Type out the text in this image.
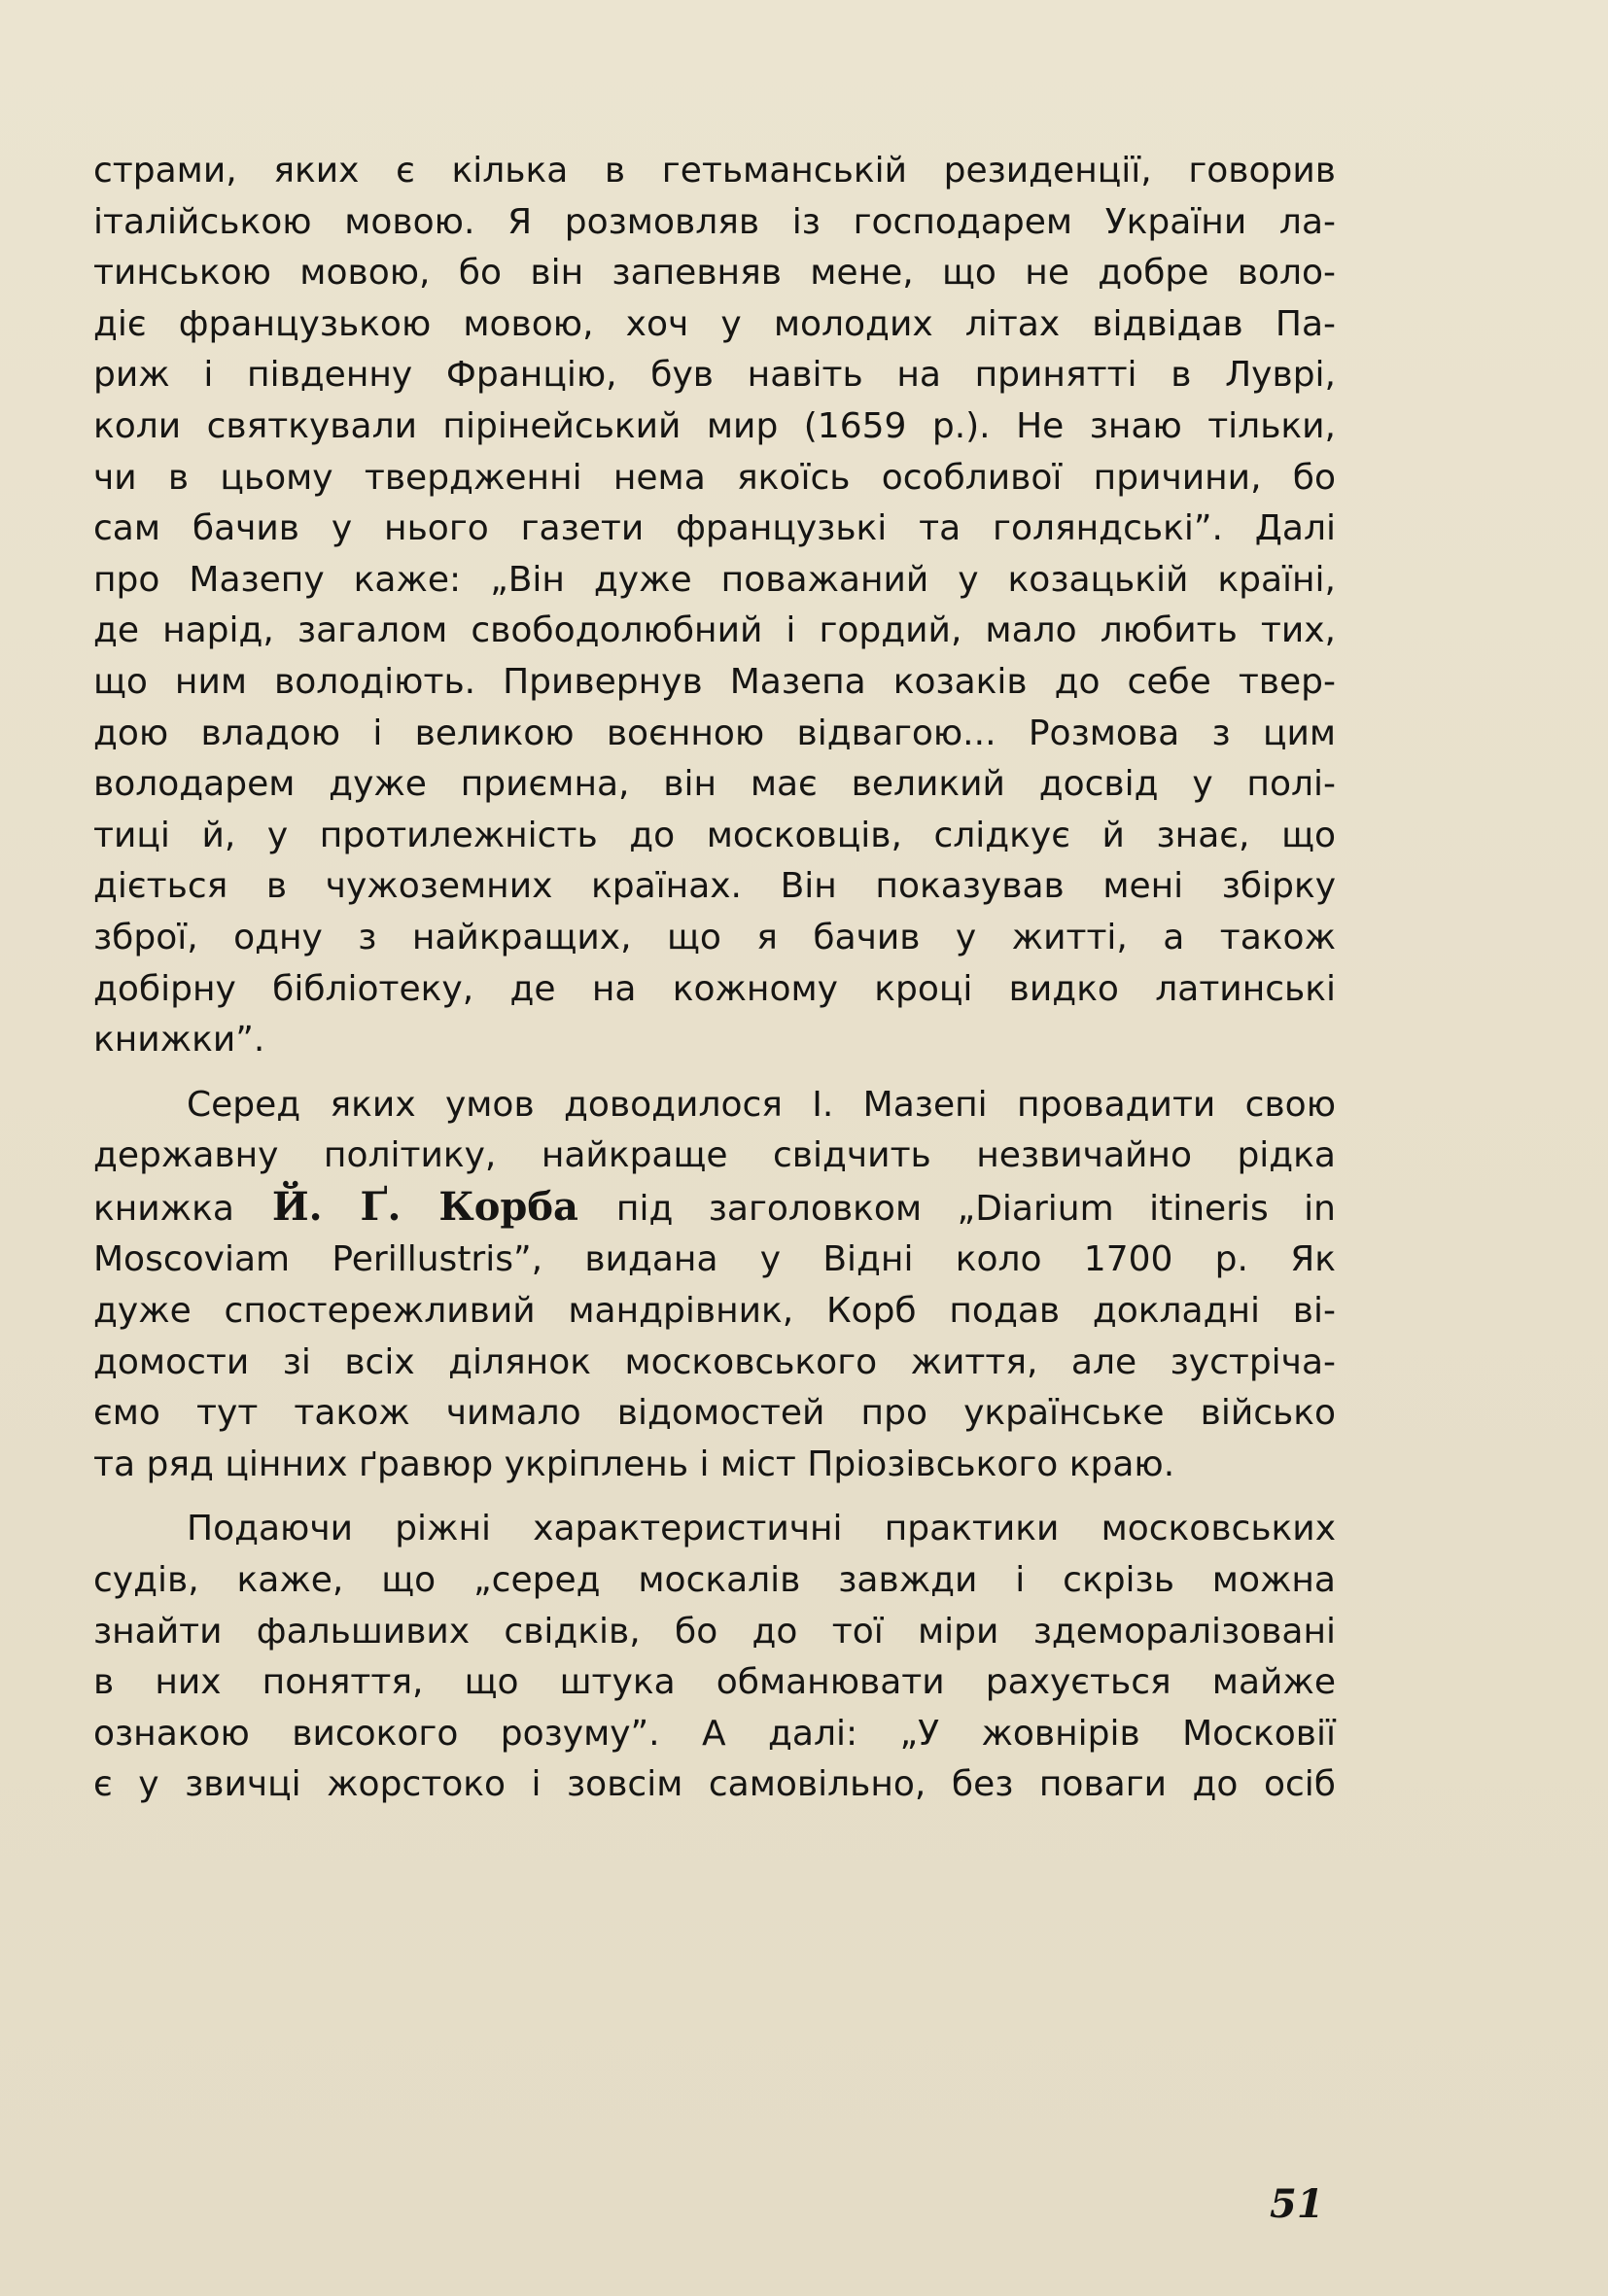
страми, яких є кілька в гетьманській резиденції, говорив
італійською мовою. Я розмовляв із господарем України ла-
тинською мовою, бо він запевняв мене, що не добре воло-
діє французькою мовою, хоч у молодих літах відвідав Па-
риж і південну Францію, був навіть на принятті в Луврі,
коли святкували пірінейський мир (1659 р.). Не знаю тільки,
чи в цьому твердженні нема якоїсь особливої причини, бо
сам бачив у нього газети французькі та голяндські”. Далі
про Мазепу каже: „Він дуже поважаний у козацькій країні,
де нарід, загалом свободолюбний і гордий, мало любить тих,
що ним володіють. Привернув Мазепа козаків до себе твер-
дою владою і великою воєнною відвагою... Розмова з цим
володарем дуже приємна, він має великий досвід у полі-
тиці й, у протилежність до московців, слідкує й знає, що
діється в чужоземних країнах. Він показував мені збірку
зброї, одну з найкращих, що я бачив у житті, а також
добірну бібліотеку, де на кожному кроці видко латинські
книжки”.

Серед яких умов доводилося І. Мазепі провадити свою
державну політику, найкраще свідчить незвичайно рідка
книжка Й. Ґ. Корба під заголовком „Diarium itineris in
Moscoviam Perillustris”, видана у Відні коло 1700 р. Як
дуже спостережливий мандрівник, Корб подав докладні ві-
домости зі всіх ділянок московського життя, але зустріча-
ємо тут також чимало відомостей про українське військо
та ряд цінних ґравюр укріплень і міст Пріозівського краю.

Подаючи ріжні характеристичні практики московських
судів, каже, що „серед москалів завжди і скрізь можна
знайти фальшивих свідків, бо до тої міри здеморалізовані
в них поняття, що штука обманювати рахується майже
ознакою високого розуму”. А далі: „У жовнірів Московії
є у звичці жорстоко і зовсім самовільно, без поваги до осіб

51
